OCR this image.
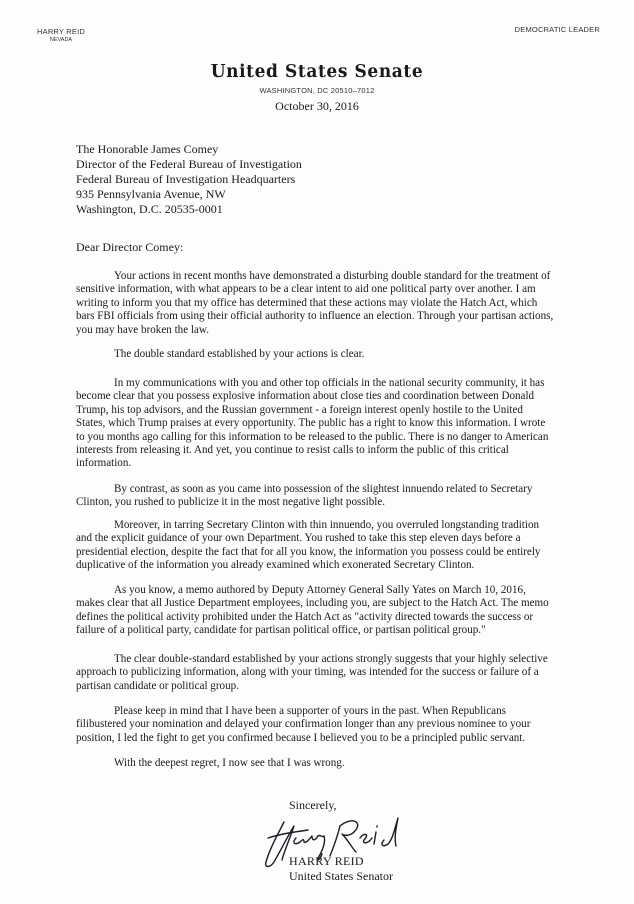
HARRY REID
NEVADA
DEMOCRATIC LEADER
United States Senate
WASHINGTON, DC 20510–7012
October 30, 2016
The Honorable James Comey
Director of the Federal Bureau of Investigation
Federal Bureau of Investigation Headquarters
935 Pennsylvania Avenue, NW
Washington, D.C. 20535-0001
Dear Director Comey:

Your actions in recent months have demonstrated a disturbing double standard for the treatment of sensitive information, with what appears to be a clear intent to aid one political party over another. I am writing to inform you that my office has determined that these actions may violate the Hatch Act, which bars FBI officials from using their official authority to influence an election. Through your partisan actions, you may have broken the law.

The double standard established by your actions is clear.

In my communications with you and other top officials in the national security community, it has become clear that you possess explosive information about close ties and coordination between Donald Trump, his top advisors, and the Russian government - a foreign interest openly hostile to the United States, which Trump praises at every opportunity. The public has a right to know this information. I wrote to you months ago calling for this information to be released to the public. There is no danger to American interests from releasing it. And yet, you continue to resist calls to inform the public of this critical information.

By contrast, as soon as you came into possession of the slightest innuendo related to Secretary Clinton, you rushed to publicize it in the most negative light possible.

Moreover, in tarring Secretary Clinton with thin innuendo, you overruled longstanding tradition and the explicit guidance of your own Department. You rushed to take this step eleven days before a presidential election, despite the fact that for all you know, the information you possess could be entirely duplicative of the information you already examined which exonerated Secretary Clinton.

As you know, a memo authored by Deputy Attorney General Sally Yates on March 10, 2016, makes clear that all Justice Department employees, including you, are subject to the Hatch Act. The memo defines the political activity prohibited under the Hatch Act as "activity directed towards the success or failure of a political party, candidate for partisan political office, or partisan political group."

The clear double-standard established by your actions strongly suggests that your highly selective approach to publicizing information, along with your timing, was intended for the success or failure of a partisan candidate or political group.

Please keep in mind that I have been a supporter of yours in the past. When Republicans filibustered your nomination and delayed your confirmation longer than any previous nominee to your position, I led the fight to get you confirmed because I believed you to be a principled public servant.

With the deepest regret, I now see that I was wrong.

Sincerely,
HARRY REID
United States Senator
